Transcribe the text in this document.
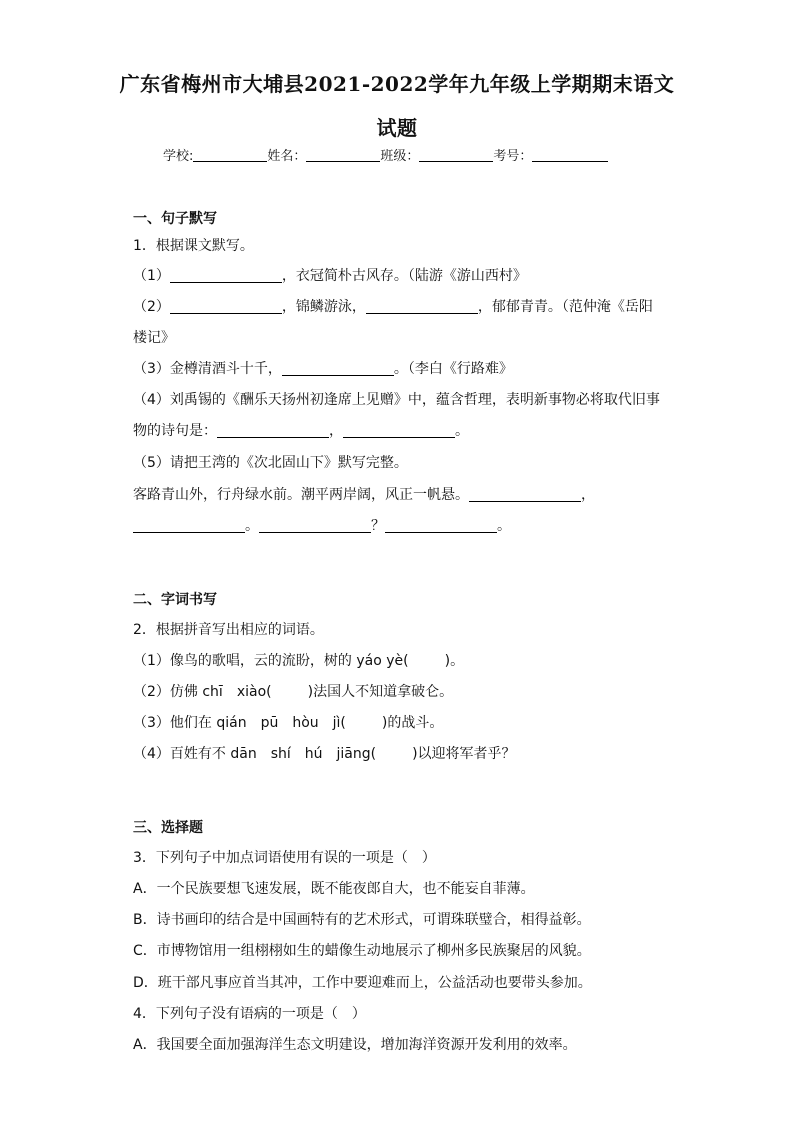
广东省梅州市大埔县2021-2022学年九年级上学期期末语文
试题
学校:	姓名：	班级：	考号：
一、句子默写
1．根据课文默写。
（1）	，衣冠简朴古风存。（陆游《游山西村》
（2）	，锦鳞游泳，	，郁郁青青。（范仲淹《岳阳
楼记》
（3）金樽清酒斗十千，	。（李白《行路难》
（4）刘禹锡的《酬乐天扬州初逢席上见赠》中，蕴含哲理，表明新事物必将取代旧事
物的诗句是：	，	。
（5）请把王湾的《次北固山下》默写完整。
客路青山外，行舟绿水前。潮平两岸阔，风正一帆悬。	，
。	？	。
二、字词书写
2．根据拼音写出相应的词语。
（1）像鸟的歌唱，云的流盼，树的 yáo yè(	)。
（2）仿佛 chī　xiào(	)法国人不知道拿破仑。
（3）他们在 qián　pū　hòu　jì(	)的战斗。
（4）百姓有不 dān　shí　hú　jiāng(	)以迎将军者乎？
三、选择题
3．下列句子中加点词语使用有误的一项是（　）
A．一个民族要想飞速发展，既不能夜郎自大，也不能妄自菲薄。
B．诗书画印的结合是中国画特有的艺术形式，可谓珠联璧合，相得益彰。
C．市博物馆用一组栩栩如生的蜡像生动地展示了柳州多民族聚居的风貌。
D．班干部凡事应首当其冲，工作中要迎难而上，公益活动也要带头参加。
4．下列句子没有语病的一项是（　）
A．我国要全面加强海洋生态文明建设，增加海洋资源开发利用的效率。
